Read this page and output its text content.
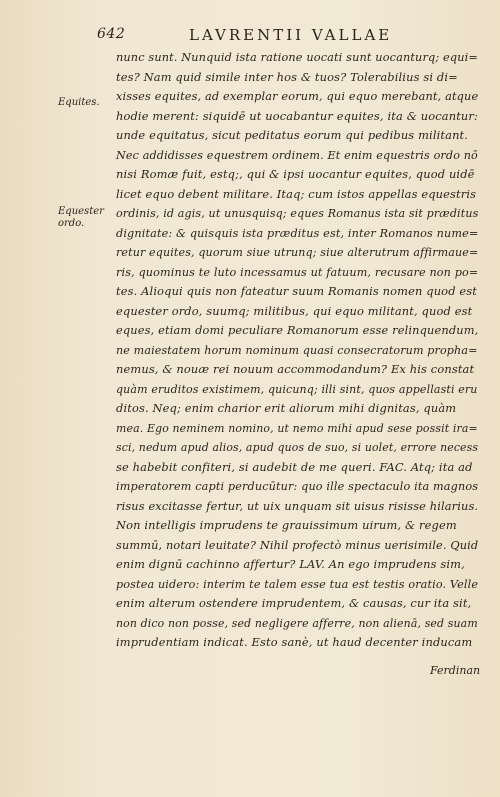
642	LAVRENTII VALLAE
Equites.
Equester ordo.
nunc sunt. Nunquid ista ratione uocati sunt uocanturq; equi=
tes? Nam quid simile inter hos & tuos? Tolerabilius si di=
xisses equites, ad exemplar eorum, qui equo merebant, atque
hodie merent: siquidē ut uocabantur equites, ita & uocantur:
unde equitatus, sicut peditatus eorum qui pedibus militant.
Nec addidisses equestrem ordinem. Et enim equestris ordo nō
nisi Romæ fuit, estq;, qui & ipsi uocantur equites, quod uidē
licet equo debent militare. Itaq; cum istos appellas equestris
ordinis, id agis, ut unusquisq; eques Romanus ista sit præditus
dignitate: & quisquis ista præditus est, inter Romanos nume=
retur equites, quorum siue utrunq; siue alterutrum affirmaue=
ris, quominus te luto incessamus ut fatuum, recusare non po=
tes. Alioqui quis non fateatur suum Romanis nomen quod est
equester ordo, suumq; militibus, qui equo militant, quod est
eques, etiam domi peculiare Romanorum esse relinquendum,
ne maiestatem horum nominum quasi consecratorum propha=
nemus, & nouæ rei nouum accommodandum? Ex his constat
quàm eruditos existimem, quicunq; illi sint, quos appellasti eru
ditos. Neq; enim charior erit aliorum mihi dignitas, quàm
mea. Ego neminem nomino, ut nemo mihi apud sese possit ira=
sci, nedum apud alios, apud quos de suo, si uolet, errore necess
se habebit confiteri, si audebit de me queri. FAC. Atq; ita ad
imperatorem capti perducūtur: quo ille spectaculo ita magnos
risus excitasse fertur, ut uix unquam sit uisus risisse hilarius.
Non intelligis imprudens te grauissimum uirum, & regem
summū, notari leuitate? Nihil profectò minus uerisimile. Quid
enim dignū cachinno affertur? LAV. An ego imprudens sim,
postea uidero: interim te talem esse tua est testis oratio. Velle
enim alterum ostendere imprudentem, & causas, cur ita sit,
non dico non posse, sed negligere afferre, non alienā, sed suam
imprudentiam indicat. Esto sanè, ut haud decenter inducam
Ferdinan
